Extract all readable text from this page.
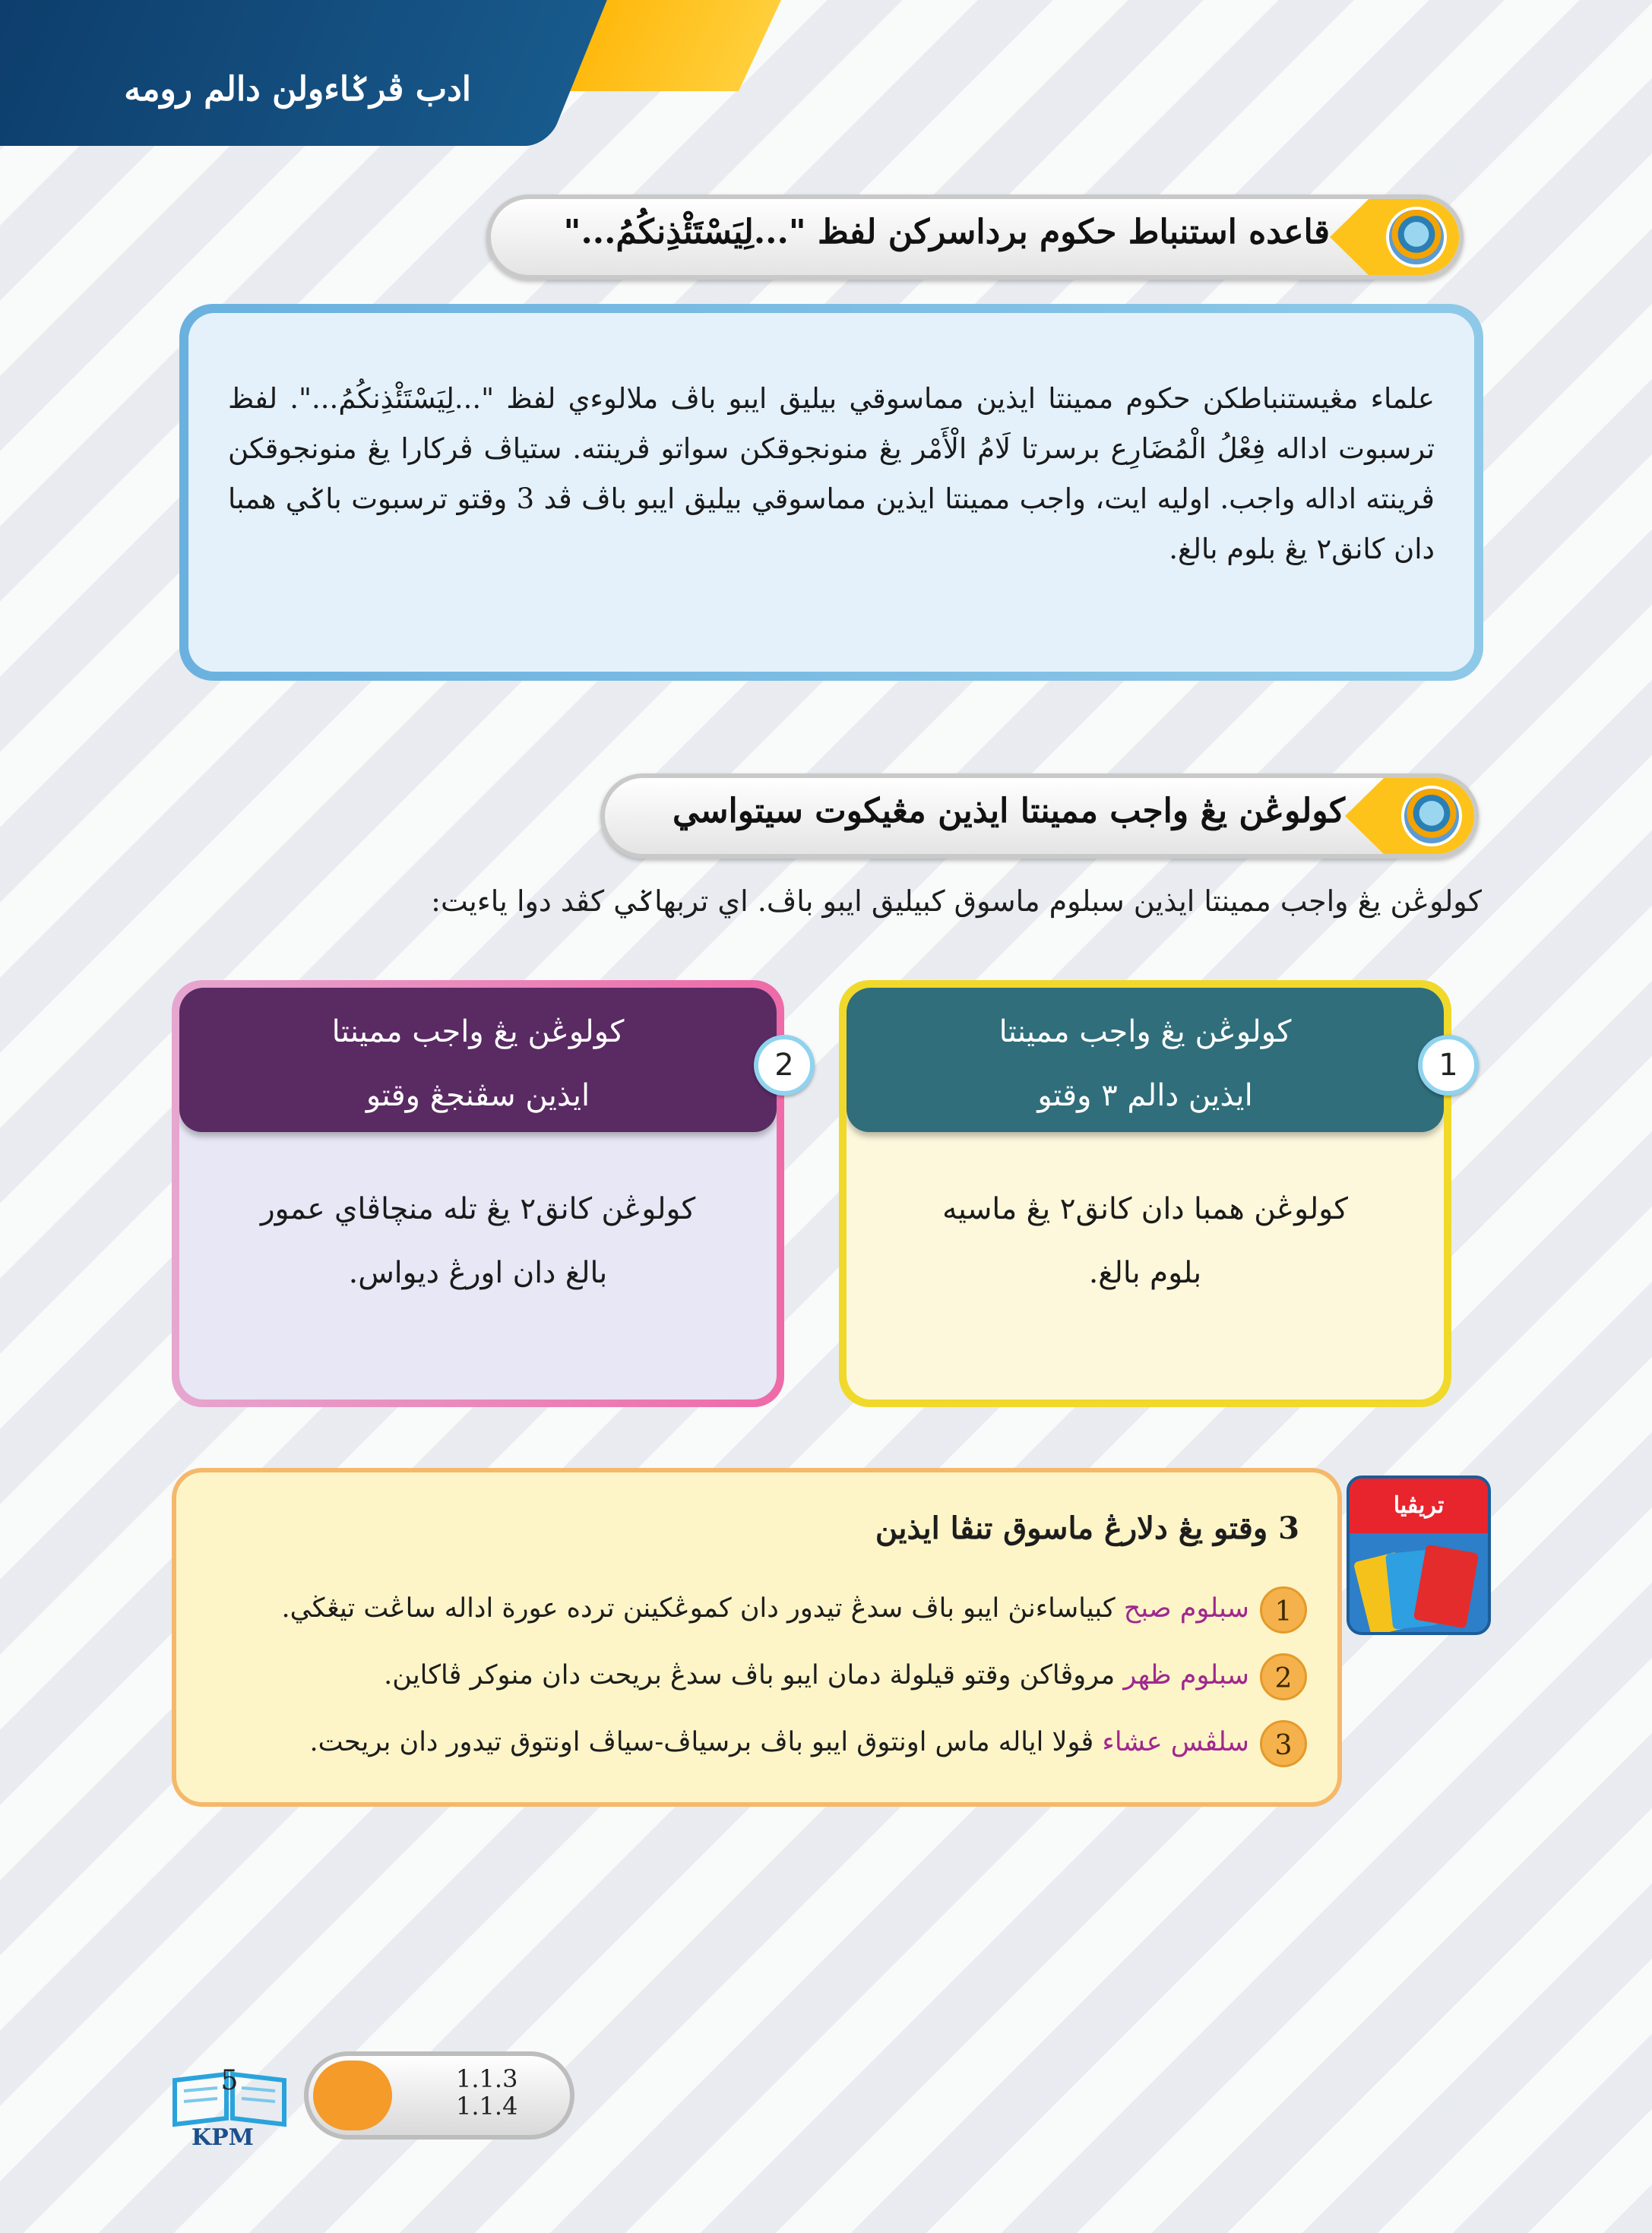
ادب ڤرݢاءولن دالم رومه
قاعده استنباط حکوم برداسرکن لفظ "...لِيَسْتَئْذِنكُمُ..."

علماء مڠيستنباطکن حکوم ممينتا ايذين مماسوقي بيليق ايبو باڤ ملالوءي لفظ "...لِيَسْتَئْذِنكُمُ...". لفظ ترسبوت اداله فِعْلُ الْمُضَارِع برسرتا لَامُ الْأَمْر يڠ منونجوقکن سواتو ڤرينته. ستياڤ ڤرکارا يڠ منونجوقکن ڤرينته اداله واجب. اوليه ايت، واجب ممينتا ايذين مماسوقي بيليق ايبو باڤ ڤد 3 وقتو ترسبوت باݢي همبا دان کانق٢ يڠ بلوم بالغ.

کولوڠن يڠ واجب ممينتا ايذين مڠيکوت سيتواسي
کولوڠن يڠ واجب ممينتا ايذين سبلوم ماسوق کبيليق ايبو باڤ. اي تربهاݢي کڤد دوا ياءيت:
کولوڠن يڠ واجب ممينتا
ايذين دالم ٣ وقتو
کولوڠن همبا دان کانق٢ يڠ ماسيه
بلوم بالغ.
1
کولوڠن يڠ واجب ممينتا
ايذين سڤنجڠ وقتو
کولوڠن کانق٢ يڠ تله منچاڤاي عمور
بالغ دان اورڠ ديواس.
2
3 وقتو يڠ دلارڠ ماسوق تنڤا ايذين
1سبلوم صبح کبياساءنڽ ايبو باڤ سدڠ تيدور دان کموڠکينن ترده عورة اداله ساڠت تيڠڬي.
2سبلوم ظهر مروڤاکن وقتو قيلولة دمان ايبو باڤ سدڠ بريحت دان منوکر ڤاکاين.
3سلڤس عشاء ڤولا اياله ماس اونتوق ايبو باڤ برسياڤ-سياڤ اونتوق تيدور دان بريحت.
تريڤيا
5
KPM
1.1.3
1.1.4
